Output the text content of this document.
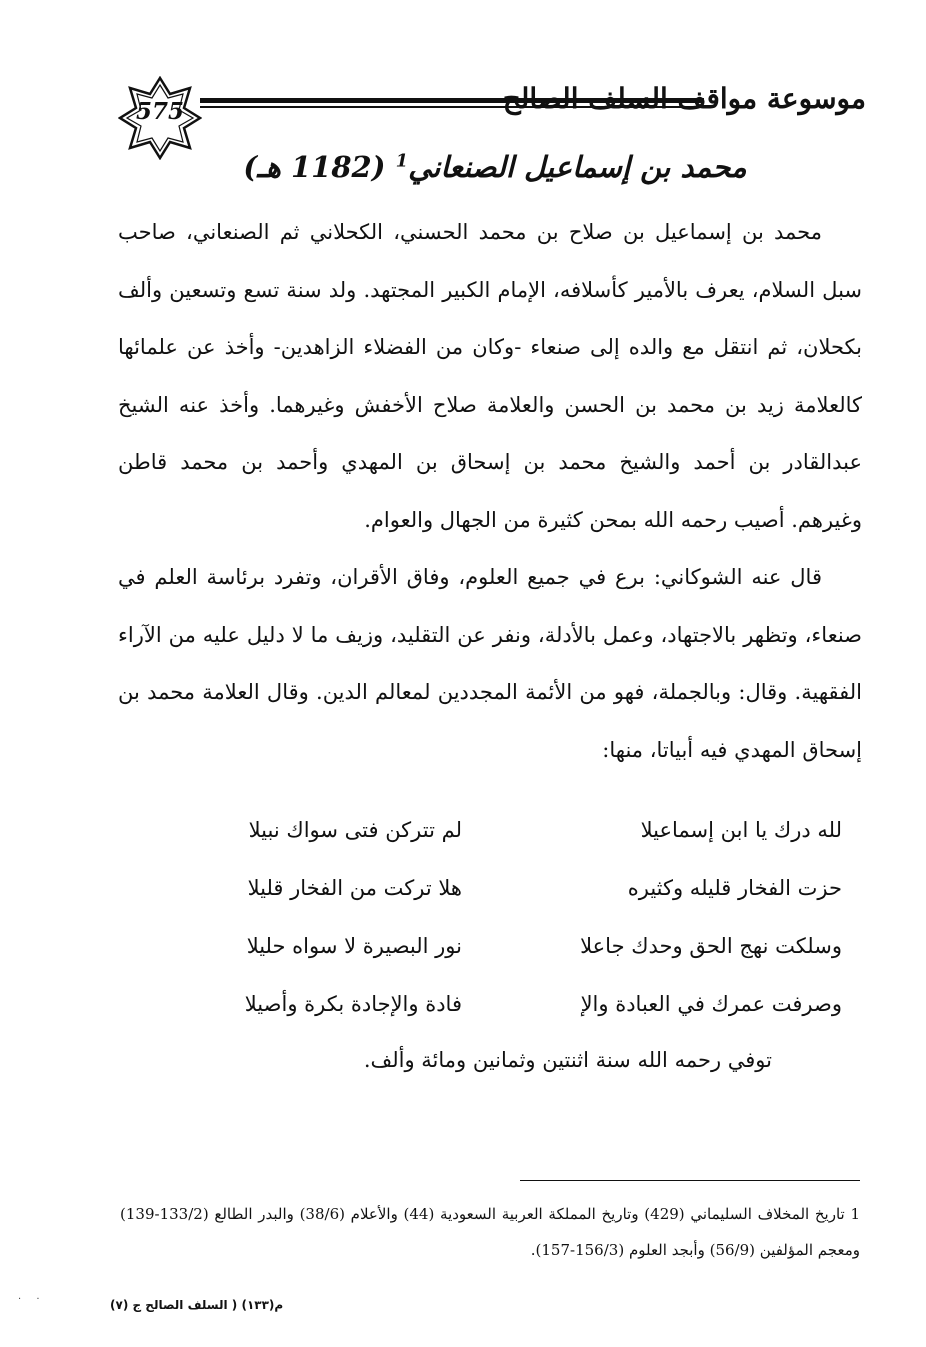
575	موسوعة مواقف السلف الصالح
محمد بن إسماعيل الصنعاني$^1$ (1182 هـ)

محمد بن إسماعيل بن صلاح بن محمد الحسني، الكحلاني ثم الصنعاني، صاحب سبل السلام، يعرف بالأمير كأسلافه، الإمام الكبير المجتهد. ولد سنة تسع وتسعين وألف بكحلان، ثم انتقل مع والده إلى صنعاء -وكان من الفضلاء الزاهدين- وأخذ عن علمائها كالعلامة زيد بن محمد بن الحسن والعلامة صلاح الأخفش وغيرهما. وأخذ عنه الشيخ عبدالقادر بن أحمد والشيخ محمد بن إسحاق بن المهدي وأحمد بن محمد قاطن وغيرهم. أصيب رحمه الله بمحن كثيرة من الجهال والعوام.

قال عنه الشوكاني: برع في جميع العلوم، وفاق الأقران، وتفرد برئاسة العلم في صنعاء، وتظهر بالاجتهاد، وعمل بالأدلة، ونفر عن التقليد، وزيف ما لا دليل عليه من الآراء الفقهية. وقال: وبالجملة، فهو من الأئمة المجددين لمعالم الدين. وقال العلامة محمد بن إسحاق المهدي فيه أبياتا، منها:

لله درك يا ابن إسماعيلا
لم تتركن فتى سواك نبيلا
حزت الفخار قليله وكثيره
هلا تركت من الفخار قليلا
وسلكت نهج الحق وحدك جاعلا
نور البصيرة لا سواه حليلا
وصرفت عمرك في العبادة والإ
فادة والإجادة بكرة وأصيلا
توفي رحمه الله سنة اثنتين وثمانين ومائة وألف.
1 تاريخ المخلاف السليماني (429) وتاريخ المملكة العربية السعودية (44) والأعلام (38/6) والبدر الطالع (133/2-139) ومعجم المؤلفين (56/9) وأبجد العلوم (156/3-157).
م(١٣٣) ( السلف الصالح ج (٧)
· ·
